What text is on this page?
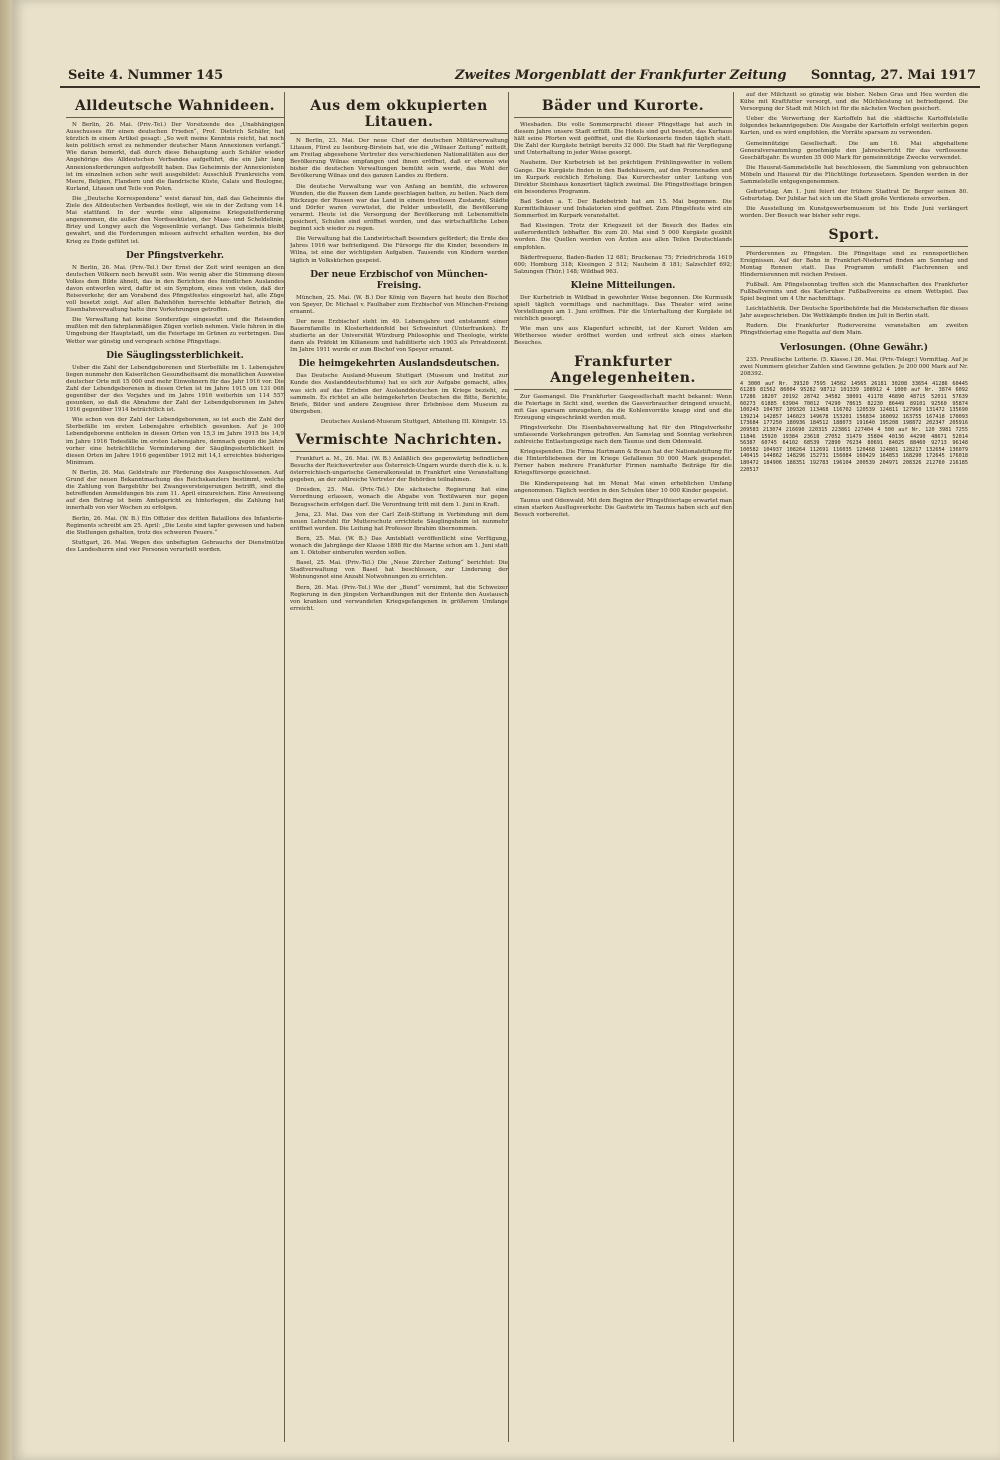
Seite 4. Nummer 145	Zweites Morgenblatt der Frankfurter Zeitung Sonntag, 27. Mai 1917
Alldeutsche Wahnideen.

N Berlin, 26. Mai. (Priv.-Tel.) Der Vorsitzende des „Unabhängigen Ausschusses für einen deutschen Frieden“, Prof. Dietrich Schäfer, hat kürzlich in einem Artikel gesagt: „So weit meine Kenntnis reicht, hat noch kein politisch ernst zu nehmender deutscher Mann Annexionen verlangt.“ Wie daran bemerkt, daß durch diese Behauptung auch Schäfer wieder Angehörige des Alldeutschen Verbandes aufgeführt, die ein Jahr lang Annexionsforderungen aufgestellt haben. Das Geheimnis der Annexionisten ist im einzelnen schon sehr weit ausgebildet: Ausschluß Frankreichs vom Meere, Belgien, Flandern und die flandrische Küste, Calais und Boulogne, Kurland, Litauen und Teile von Polen.

Die „Deutsche Korrespondenz“ weist darauf hin, daß das Geheimnis die Ziele des Alldeutschen Verbandes festlegt, wie sie in der Zeitung vom 14. Mai stattfand. In der wurde eine allgemeine Kriegszielforderung angenommen, die außer den Nordseeküsten, der Maas- und Scheldelinie, Briey und Longwy auch die Vogesenlinie verlangt. Das Geheimnis bleibt gewahrt, und die Forderungen müssen aufrecht erhalten werden, bis der Krieg zu Ende geführt ist.

Der Pfingstverkehr.

N Berlin, 26. Mai. (Priv.-Tel.) Der Ernst der Zeit wird wenigen an den deutschen Völkern noch bewußt sein. Wie wenig aber die Stimmung dieses Volkes dem Bilde ähnelt, das in den Berichten des feindlichen Auslandes davon entworfen wird, dafür ist ein Symptom, eines von vielen, daß der Reiseverkehr, der am Vorabend des Pfingstfestes eingesetzt hat, alle Züge voll besetzt zeigt. Auf allen Bahnhöfen herrschte lebhafter Betrieb, die Eisenbahnverwaltung hatte ihre Vorkehrungen getroffen.

Die Verwaltung hat keine Sonderzüge eingesetzt und die Reisenden mußten mit den fahrplanmäßigen Zügen vorlieb nehmen. Viele fuhren in die Umgebung der Hauptstadt, um die Feiertage im Grünen zu verbringen. Das Wetter war günstig und versprach schöne Pfingsttage.

Die Säuglingssterblichkeit.

Ueber die Zahl der Lebendgeborenen und Sterbefälle im 1. Lebensjahre liegen nunmehr den Kaiserlichen Gesundheitsamt die monatlichen Ausweise deutscher Orte mit 15 000 und mehr Einwohnern für das Jahr 1916 vor. Die Zahl der Lebendgeborenen in diesen Orten ist im Jahre 1915 um 131 068 gegenüber der des Vorjahrs und im Jahre 1916 weiterhin um 114 557 gesunken, so daß die Abnahme der Zahl der Lebendgeborenen im Jahre 1916 gegenüber 1914 beträchtlich ist.

Wie schon von der Zahl der Lebendgeborenen, so ist auch die Zahl der Sterbefälle im ersten Lebensjahre erheblich gesunken. Auf je 100 Lebendgeborene entfielen in diesen Orten von 15,3 im Jahre 1915 bis 14,9 im Jahre 1916 Todesfälle im ersten Lebensjahre, demnach gegen die Jahre vorher eine beträchtliche Verminderung der Säuglingssterblichkeit in diesen Orten im Jahre 1916 gegenüber 1912 mit 14,1 erreichtes bisheriges Minimum.

N Berlin, 26. Mai. Geldstrafe zur Förderung des Ausgeschlossenen. Auf Grund der neuen Bekanntmachung des Reichskanzlers bestimmt, welche die Zahlung von Bargebühr bei Zwangsversteigerungen betrifft, sind die betreffenden Anmeldungen bis zum 11. April einzureichen. Eine Anweisung auf den Betrag ist beim Amtsgericht zu hinterlegen, die Zahlung hat innerhalb von vier Wochen zu erfolgen.

Berlin, 26. Mai. (W. B.) Ein Offizier des dritten Bataillons des Infanterie-Regiments schreibt am 25. April: „Die Leute sind tapfer gewesen und haben die Stellungen gehalten, trotz des schweren Feuers.“

Stuttgart, 26. Mai. Wegen des unbefugten Gebrauchs der Dienstmütze des Landesherrn sind vier Personen verurteilt worden.

Aus dem okkupierten Litauen.

N Berlin, 23. Mai. Der neue Chef der deutschen Militärverwaltung Litauen, Fürst zu Isenburg-Birstein hat, wie die „Wilnaer Zeitung“ mitteilt, am Freitag abgesehene Vertreter des verschiedenen Nationalitäten aus der Bevölkerung Wilnas empfangen und ihnen eröffnet, daß er ebenso wie bisher die deutschen Verwaltungen bemüht sein werde, das Wohl der Bevölkerung Wilnas und des ganzen Landes zu fördern.

Die deutsche Verwaltung war von Anfang an bemüht, die schweren Wunden, die die Russen dem Lande geschlagen hatten, zu heilen. Nach dem Rückzuge der Russen war das Land in einem trostlosen Zustande, Städte und Dörfer waren verwüstet, die Felder unbestellt, die Bevölkerung verarmt. Heute ist die Versorgung der Bevölkerung mit Lebensmitteln gesichert, Schulen sind eröffnet worden, und das wirtschaftliche Leben beginnt sich wieder zu regen.

Die Verwaltung hat die Landwirtschaft besonders gefördert; die Ernte des Jahres 1916 war befriedigend. Die Fürsorge für die Kinder, besonders in Wilna, ist eine der wichtigsten Aufgaben. Tausende von Kindern werden täglich in Volksküchen gespeist.

Der neue Erzbischof von München-Freising.

München, 25. Mai. (W. B.) Der König von Bayern hat heute den Bischof von Speyer, Dr. Michael v. Faulhaber zum Erzbischof von München-Freising ernannt.

Der neue Erzbischof steht im 49. Lebensjahre und entstammt einer Bauernfamilie in Klosterheidenfeld bei Schweinfurt (Unterfranken). Er studierte an der Universität Würzburg Philosophie und Theologie, wirkte dann als Präfekt im Kilianeum und habilitierte sich 1903 als Privatdozent. Im Jahre 1911 wurde er zum Bischof von Speyer ernannt.

Die heimgekehrten Auslandsdeutschen.

Das Deutsche Ausland-Museum Stuttgart (Museum und Institut zur Kunde des Auslanddeutschtums) hat es sich zur Aufgabe gemacht, alles, was sich auf das Erleben der Auslanddeutschen im Kriege bezieht, zu sammeln. Es richtet an alle heimgekehrten Deutschen die Bitte, Berichte, Briefe, Bilder und andere Zeugnisse ihrer Erlebnisse dem Museum zu übergeben.

Deutsches Ausland-Museum Stuttgart, Abteilung III. Königstr. 15.
Vermischte Nachrichten.

Frankfurt a. M., 26. Mai. (W. B.) Anläßlich des gegenwärtig befindlichen Besuchs der Reichsvertreter aus Österreich-Ungarn wurde durch die k. u. k. österreichisch-ungarische Generalkonsulat in Frankfurt eine Veranstaltung gegeben, an der zahlreiche Vertreter der Behörden teilnahmen.

Dresden, 25. Mai. (Priv.-Tel.) Die sächsische Regierung hat eine Verordnung erlassen, wonach die Abgabe von Textilwaren nur gegen Bezugsschein erfolgen darf. Die Verordnung tritt mit dem 1. Juni in Kraft.

Jena, 23. Mai. Das von der Carl Zeiß-Stiftung in Verbindung mit dem neuen Lehrstuhl für Mutterschutz errichtete Säuglingsheim ist nunmehr eröffnet worden. Die Leitung hat Professor Ibrahim übernommen.

Bern, 25. Mai. (W. B.) Das Amtsblatt veröffentlicht eine Verfügung, wonach die Jahrgänge der Klasse 1898 für die Marine schon am 1. Juni statt am 1. Oktober einberufen werden sollen.

Basel, 25. Mai. (Priv.-Tel.) Die „Neue Zürcher Zeitung“ berichtet: Die Stadtverwaltung von Basel hat beschlossen, zur Linderung der Wohnungsnot eine Anzahl Notwohnungen zu errichten.

Bern, 26. Mai. (Priv.-Tel.) Wie der „Bund“ vernimmt, hat die Schweizer Regierung in den jüngsten Verhandlungen mit der Entente den Austausch von kranken und verwundeten Kriegsgefangenen in größerem Umfange erreicht.

Bäder und Kurorte.

Wiesbaden. Die volle Sommerpracht dieser Pfingsttage hat auch in diesem Jahre unsere Stadt erfüllt. Die Hotels sind gut besetzt, das Kurhaus hält seine Pforten weit geöffnet, und die Kurkonzerte finden täglich statt. Die Zahl der Kurgäste beträgt bereits 32 000. Die Stadt hat für Verpflegung und Unterhaltung in jeder Weise gesorgt.

Nauheim. Der Kurbetrieb ist bei prächtigem Frühlingswetter in vollem Gange. Die Kurgäste finden in den Badehäusern, auf den Promenaden und im Kurpark reichlich Erholung. Das Kurorchester unter Leitung von Direktor Steinhaus konzertiert täglich zweimal. Die Pfingstfesttage bringen ein besonderes Programm.

Bad Soden a. T. Der Badebetrieb hat am 15. Mai begonnen. Die Kurmittelhäuser und Inhalatorien sind geöffnet. Zum Pfingstfeste wird ein Sommerfest im Kurpark veranstaltet.

Bad Kissingen. Trotz der Kriegszeit ist der Besuch des Bades ein außerordentlich lebhafter. Bis zum 20. Mai sind 5 000 Kurgäste gezählt worden. Die Quellen werden von Ärzten aus allen Teilen Deutschlands empfohlen.

Bäderfrequenz, Baden-Baden 12 681; Bruckenau 75; Friedrichroda 1619 600; Homburg 318; Kissingen 2 512; Nauheim 8 181; Salzschlirf 692; Salzungen (Thür.) 148; Wildbad 963.

Kleine Mitteilungen.

Der Kurbetrieb in Wildbad in gewohnter Weise begonnen. Die Kurmusik spielt täglich vormittags und nachmittags. Das Theater wird seine Vorstellungen am 1. Juni eröffnen. Für die Unterhaltung der Kurgäste ist reichlich gesorgt.

Wie man uns aus Klagenfurt schreibt, ist der Kurort Velden am Wörthersee wieder eröffnet worden und erfreut sich eines starken Besuches.

Frankfurter Angelegenheiten.

Zur Gasmangel. Die Frankfurter Gasgesellschaft macht bekannt: Wenn die Feiertage in Sicht sind, werden die Gasverbraucher dringend ersucht, mit Gas sparsam umzugehen, da die Kohlenvorräte knapp sind und die Erzeugung eingeschränkt werden muß.

Pfingstverkehr. Die Eisenbahnverwaltung hat für den Pfingstverkehr umfassende Vorkehrungen getroffen. Am Samstag und Sonntag verkehren zahlreiche Entlastungszüge nach dem Taunus und dem Odenwald.

Kriegsspenden. Die Firma Hartmann & Braun hat der Nationalstiftung für die Hinterbliebenen der im Kriege Gefallenen 50 000 Mark gespendet. Ferner haben mehrere Frankfurter Firmen namhafte Beiträge für die Kriegsfürsorge gezeichnet.

Die Kinderspeisung hat im Monat Mai einen erheblichen Umfang angenommen. Täglich werden in den Schulen über 10 000 Kinder gespeist.

Taunus und Odenwald. Mit dem Beginn der Pfingstfeiertage erwartet man einen starken Ausflugsverkehr. Die Gastwirte im Taunus haben sich auf den Besuch vorbereitet.

auf der Milchzeit so günstig wie bisher. Neben Gras und Heu werden die Kühe mit Kraftfutter versorgt, und die Milchleistung ist befriedigend. Die Versorgung der Stadt mit Milch ist für die nächsten Wochen gesichert.

Ueber die Verwertung der Kartoffeln hat die städtische Kartoffelstelle folgendes bekanntgegeben: Die Ausgabe der Kartoffeln erfolgt weiterhin gegen Karten, und es wird empfohlen, die Vorräte sparsam zu verwenden.

Gemeinnützige Gesellschaft. Die am 16. Mai abgehaltene Generalversammlung genehmigte den Jahresbericht für das verflossene Geschäftsjahr. Es wurden 35 000 Mark für gemeinnützige Zwecke verwendet.

Die Hausrat-Sammelstelle hat beschlossen, die Sammlung von gebrauchten Möbeln und Hausrat für die Flüchtlinge fortzusetzen. Spenden werden in der Sammelstelle entgegengenommen.

Geburtstag. Am 1. Juni feiert der frühere Stadtrat Dr. Berger seinen 80. Geburtstag. Der Jubilar hat sich um die Stadt große Verdienste erworben.

Die Ausstellung im Kunstgewerbemuseum ist bis Ende Juni verlängert worden. Der Besuch war bisher sehr rege.

Sport.

Pferderennen zu Pfingsten. Die Pfingsttage sind zu rennsportlichen Ereignissen. Auf der Bahn in Frankfurt-Niederrad finden am Sonntag und Montag Rennen statt. Das Programm umfaßt Flachrennen und Hindernisrennen mit reichen Preisen.

Fußball. Am Pfingstsonntag treffen sich die Mannschaften des Frankfurter Fußballvereins und des Karlsruher Fußballvereins zu einem Wettspiel. Das Spiel beginnt um 4 Uhr nachmittags.

Leichtathletik. Der Deutsche Sportbehörde hat die Meisterschaften für dieses Jahr ausgeschrieben. Die Wettkämpfe finden im Juli in Berlin statt.

Rudern. Die Frankfurter Rudervereine veranstalten am zweiten Pfingstfeiertag eine Regatta auf dem Main.

Verlosungen. (Ohne Gewähr.)

235. Preußische Lotterie. (5. Klasse.) 26. Mai. (Priv.-Telegr.) Vormittag. Auf je zwei Nummern gleicher Zahlen sind Gewinne gefallen. Je 200 000 Mark auf Nr. 208392.

4 3000 auf Nr. 39320 7595 14502 14565 26181 30208 33654 41286 60445 61289 81562 86004 95282 98712 101339 108912 4 1000 auf Nr. 3874 6092 17286 18207 20192 28742 34582 38091 41178 46890 48715 52011 57639 60273 61885 63904 70012 74290 78615 82230 86449 89101 92560 95874 100243 104787 109320 113468 116702 120539 124811 127960 131472 135690 139214 142857 146023 149678 153201 156834 160092 163755 167418 170093 173684 177250 180936 184512 188073 191640 195208 198872 202347 205916 209583 213074 216690 220315 223861 227404 4 500 auf Nr. 120 3981 7255 11846 15920 19384 23618 27052 31479 35804 40136 44290 48671 52014 56387 60745 64102 68539 72890 76234 80691 84025 88460 92713 96148 100582 104937 108264 112691 116035 120468 124801 128217 132654 136079 140415 144862 148296 152731 156084 160429 164853 168290 172645 176018 180472 184906 188351 192783 196104 200539 204971 208326 212760 216185 220517
